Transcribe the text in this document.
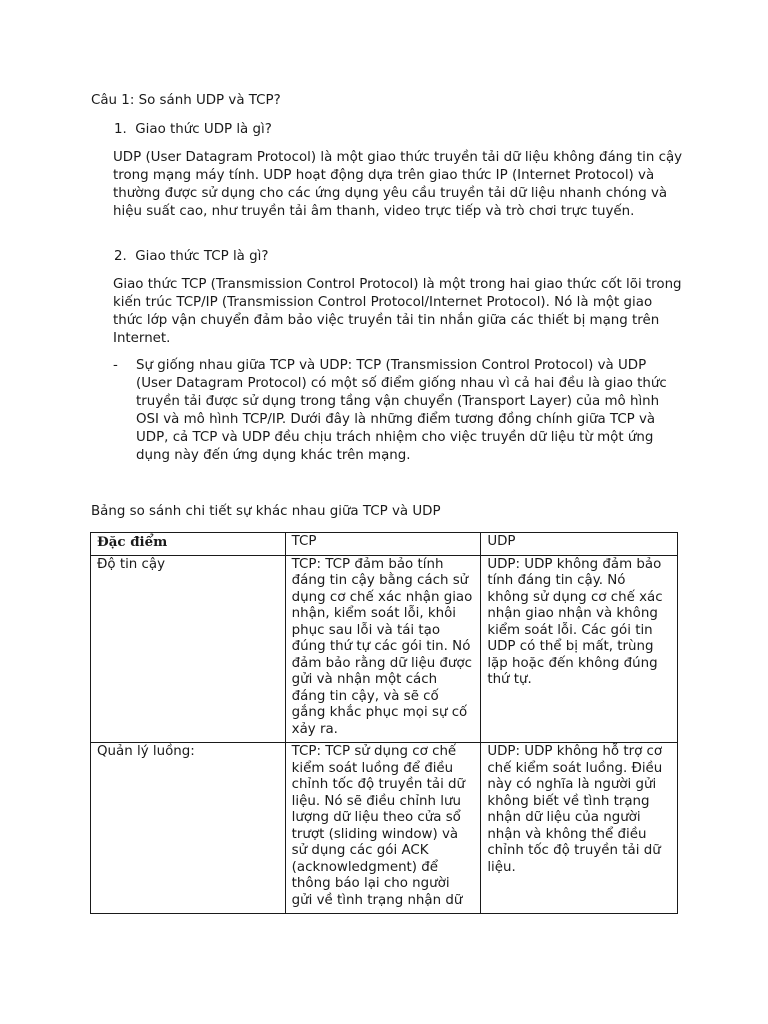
Câu 1: So sánh UDP và TCP?
1. Giao thức UDP là gì?
UDP (User Datagram Protocol) là một giao thức truyền tải dữ liệu không đáng tin cậy trong mạng máy tính. UDP hoạt động dựa trên giao thức IP (Internet Protocol) và thường được sử dụng cho các ứng dụng yêu cầu truyền tải dữ liệu nhanh chóng và hiệu suất cao, như truyền tải âm thanh, video trực tiếp và trò chơi trực tuyến.
2. Giao thức TCP là gì?
Giao thức TCP (Transmission Control Protocol) là một trong hai giao thức cốt lõi trong kiến trúc TCP/IP (Transmission Control Protocol/Internet Protocol). Nó là một giao thức lớp vận chuyển đảm bảo việc truyền tải tin nhắn giữa các thiết bị mạng trên Internet.
- Sự giống nhau giữa TCP và UDP: TCP (Transmission Control Protocol) và UDP (User Datagram Protocol) có một số điểm giống nhau vì cả hai đều là giao thức truyền tải được sử dụng trong tầng vận chuyển (Transport Layer) của mô hình OSI và mô hình TCP/IP. Dưới đây là những điểm tương đồng chính giữa TCP và UDP, cả TCP và UDP đều chịu trách nhiệm cho việc truyền dữ liệu từ một ứng dụng này đến ứng dụng khác trên mạng.
Bảng so sánh chi tiết sự khác nhau giữa TCP và UDP
Đặc điểm	TCP	UDP
Độ tin cậy	TCP: TCP đảm bảo tính đáng tin cậy bằng cách sử dụng cơ chế xác nhận giao nhận, kiểm soát lỗi, khôi phục sau lỗi và tái tạo đúng thứ tự các gói tin. Nó đảm bảo rằng dữ liệu được gửi và nhận một cách đáng tin cậy, và sẽ cố gắng khắc phục mọi sự cố xảy ra.	UDP: UDP không đảm bảo tính đáng tin cậy. Nó không sử dụng cơ chế xác nhận giao nhận và không kiểm soát lỗi. Các gói tin UDP có thể bị mất, trùng lặp hoặc đến không đúng thứ tự.
Quản lý luồng:	TCP: TCP sử dụng cơ chế kiểm soát luồng để điều chỉnh tốc độ truyền tải dữ liệu. Nó sẽ điều chỉnh lưu lượng dữ liệu theo cửa sổ trượt (sliding window) và sử dụng các gói ACK (acknowledgment) để thông báo lại cho người gửi về tình trạng nhận dữ	UDP: UDP không hỗ trợ cơ chế kiểm soát luồng. Điều này có nghĩa là người gửi không biết về tình trạng nhận dữ liệu của người nhận và không thể điều chỉnh tốc độ truyền tải dữ liệu.
